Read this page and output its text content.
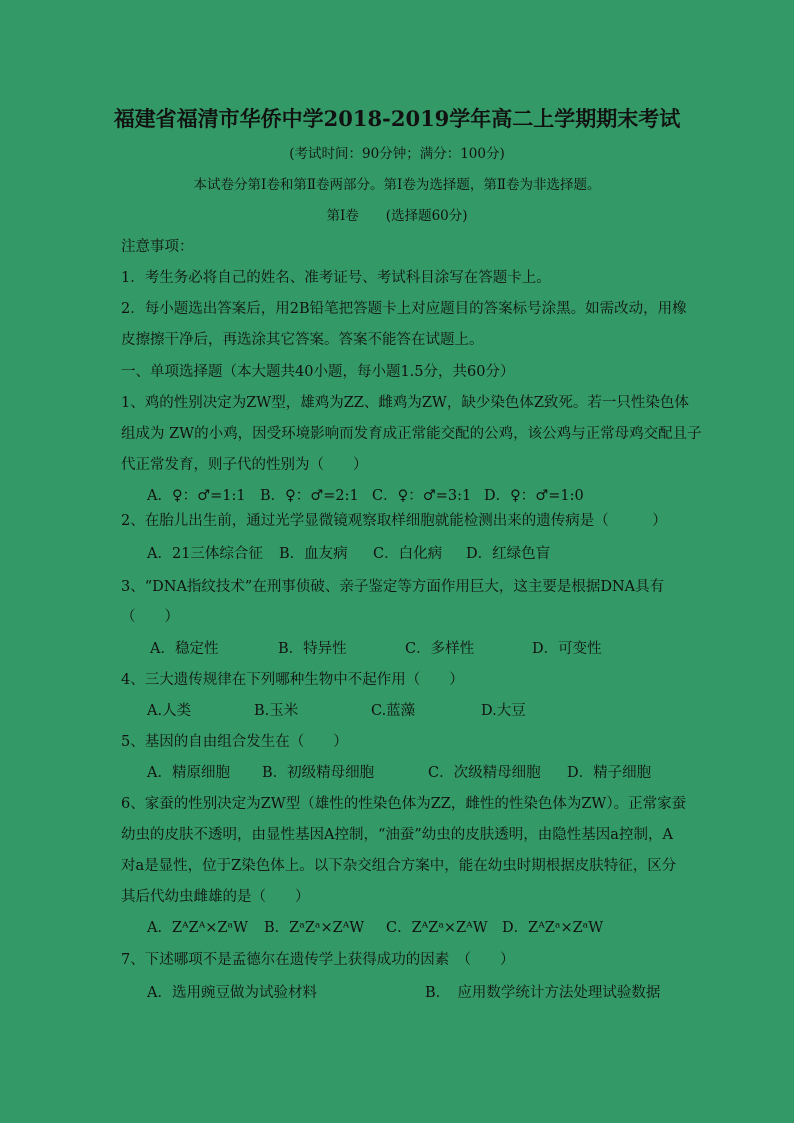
福建省福清市华侨中学2018-2019学年高二上学期期末考试
(考试时间：90分钟；满分：100分)
本试卷分第Ⅰ卷和第Ⅱ卷两部分。第Ⅰ卷为选择题，第Ⅱ卷为非选择题。
第Ⅰ卷　　(选择题60分)
注意事项：
1．考生务必将自己的姓名、准考证号、考试科目涂写在答题卡上。
2．每小题选出答案后，用2B铅笔把答题卡上对应题目的答案标号涂黑。如需改动，用橡
皮擦擦干净后，再选涂其它答案。答案不能答在试题上。
一、单项选择题（本大题共40小题，每小题1.5分，共60分）
1、鸡的性别决定为ZW型，雄鸡为ZZ、雌鸡为ZW，缺少染色体Z致死。若一只性染色体
组成为 ZW的小鸡，因受环境影响而发育成正常能交配的公鸡，该公鸡与正常母鸡交配且子
代正常发育，则子代的性别为（　　）
A．♀：♂=1:1 B．♀：♂=2:1 C．♀：♂=3:1 D．♀：♂=1:0
2、在胎儿出生前，通过光学显微镜观察取样细胞就能检测出来的遗传病是（　　　）
A．21三体综合征 B．血友病 C．白化病 D．红绿色盲
3、“DNA指纹技术”在刑事侦破、亲子鉴定等方面作用巨大，这主要是根据DNA具有
（　　）
A．稳定性	B．特异性	C．多样性	D．可变性
4、三大遗传规律在下列哪种生物中不起作用（　　）
A.人类	B.玉米	C.蓝藻	D.大豆
5、基因的自由组合发生在（　　）
A．精原细胞 B．初级精母细胞	C．次级精母细胞 D．精子细胞
6、家蚕的性别决定为ZW型（雄性的性染色体为ZZ，雌性的性染色体为ZW）。正常家蚕
幼虫的皮肤不透明，由显性基因A控制，“油蚕”幼虫的皮肤透明，由隐性基因a控制，A
对a是显性，位于Z染色体上。以下杂交组合方案中，能在幼虫时期根据皮肤特征，区分
其后代幼虫雌雄的是（　　）
A．ZᴬZᴬ×ZᵃW B．ZᵃZᵃ×ZᴬW C．ZᴬZᵃ×ZᴬW D．ZᴬZᵃ×ZᵃW
7、下述哪项不是孟德尔在遗传学上获得成功的因素　（　　）
A．选用豌豆做为试验材料	B．　应用数学统计方法处理试验数据
